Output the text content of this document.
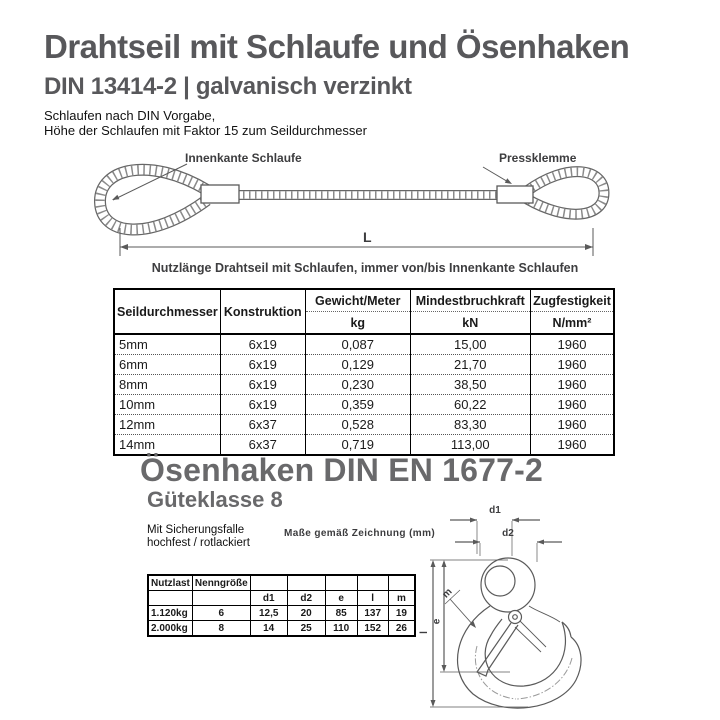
Drahtseil mit Schlaufe und Ösenhaken
DIN 13414-2 | galvanisch verzinkt
Schlaufen nach DIN Vorgabe,
Höhe der Schlaufen mit Faktor 15 zum Seildurchmesser
Innenkante Schlaufe	Pressklemme
L
Nutzlänge Drahtseil mit Schlaufen, immer von/bis Innenkante Schlaufen
Seildurchmesser	Konstruktion	Gewicht/Meter	Mindestbruchkraft	Zugfestigkeit
		kg	kN	N/mm²
5mm	6x19	0,087	15,00	1960
6mm	6x19	0,129	21,70	1960
8mm	6x19	0,230	38,50	1960
10mm	6x19	0,359	60,22	1960
12mm	6x37	0,528	83,30	1960
14mm	6x37	0,719	113,00	1960
Ösenhaken DIN EN 1677-2
Güteklasse 8
Mit Sicherungsfalle
hochfest / rotlackiert
Maße gemäß Zeichnung (mm)
Nutzlast	Nenngröße					
		d1	d2	e	l	m
1.120kg	6	12,5	20	85	137	19
2.000kg	8	14	25	110	152	26
d1
d2
e
l
m
